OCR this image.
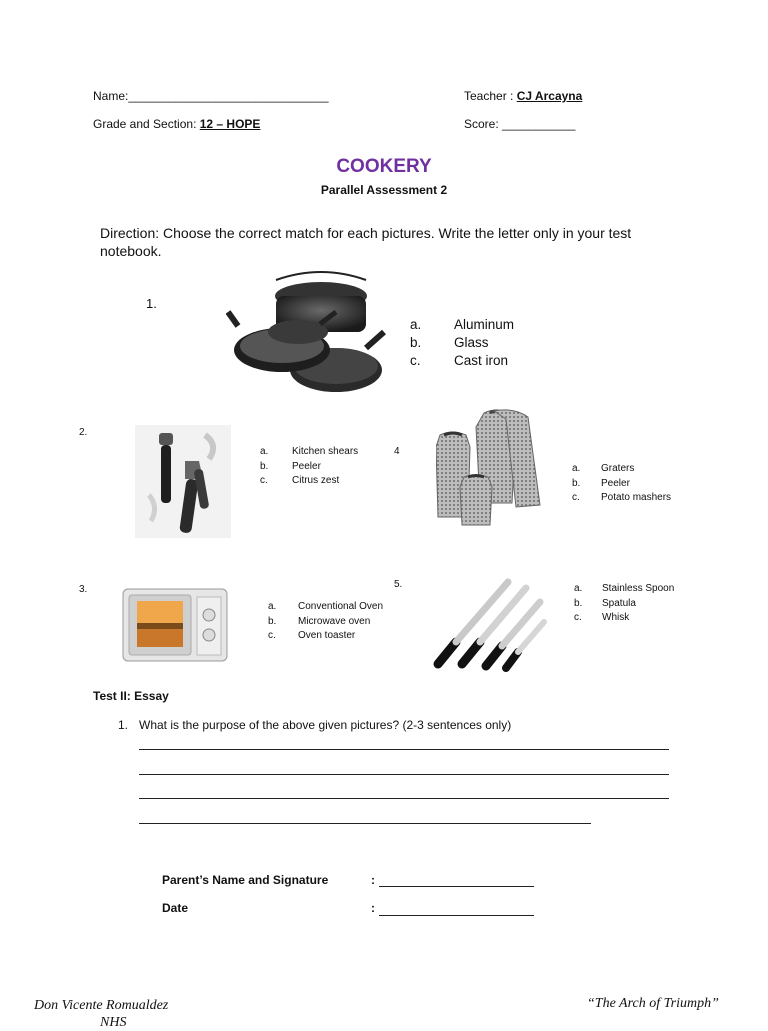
Name:______________________________	Teacher : CJ Arcayna
Grade and Section: 12 – HOPE	Score: ___________
COOKERY
Parallel Assessment 2
Direction: Choose the correct match for each pictures. Write the letter only in your test
notebook.
1.
a.	Aluminum
b.	Glass
c.	Cast iron
2.
a.	Kitchen shears
b.	Peeler
c.	Citrus zest
4
a.	Graters
b.	Peeler
c.	Potato mashers
3.
a.	Conventional Oven
b.	Microwave oven
c.	Oven toaster
5.	a.	Stainless Spoon
b.	Spatula
c.	Whisk
Test II: Essay
1. What is the purpose of the above given pictures? (2-3 sentences only)
Parent’s Name and Signature	:
Date	:
Don Vicente Romualdez
NHS
“The Arch of Triumph”
